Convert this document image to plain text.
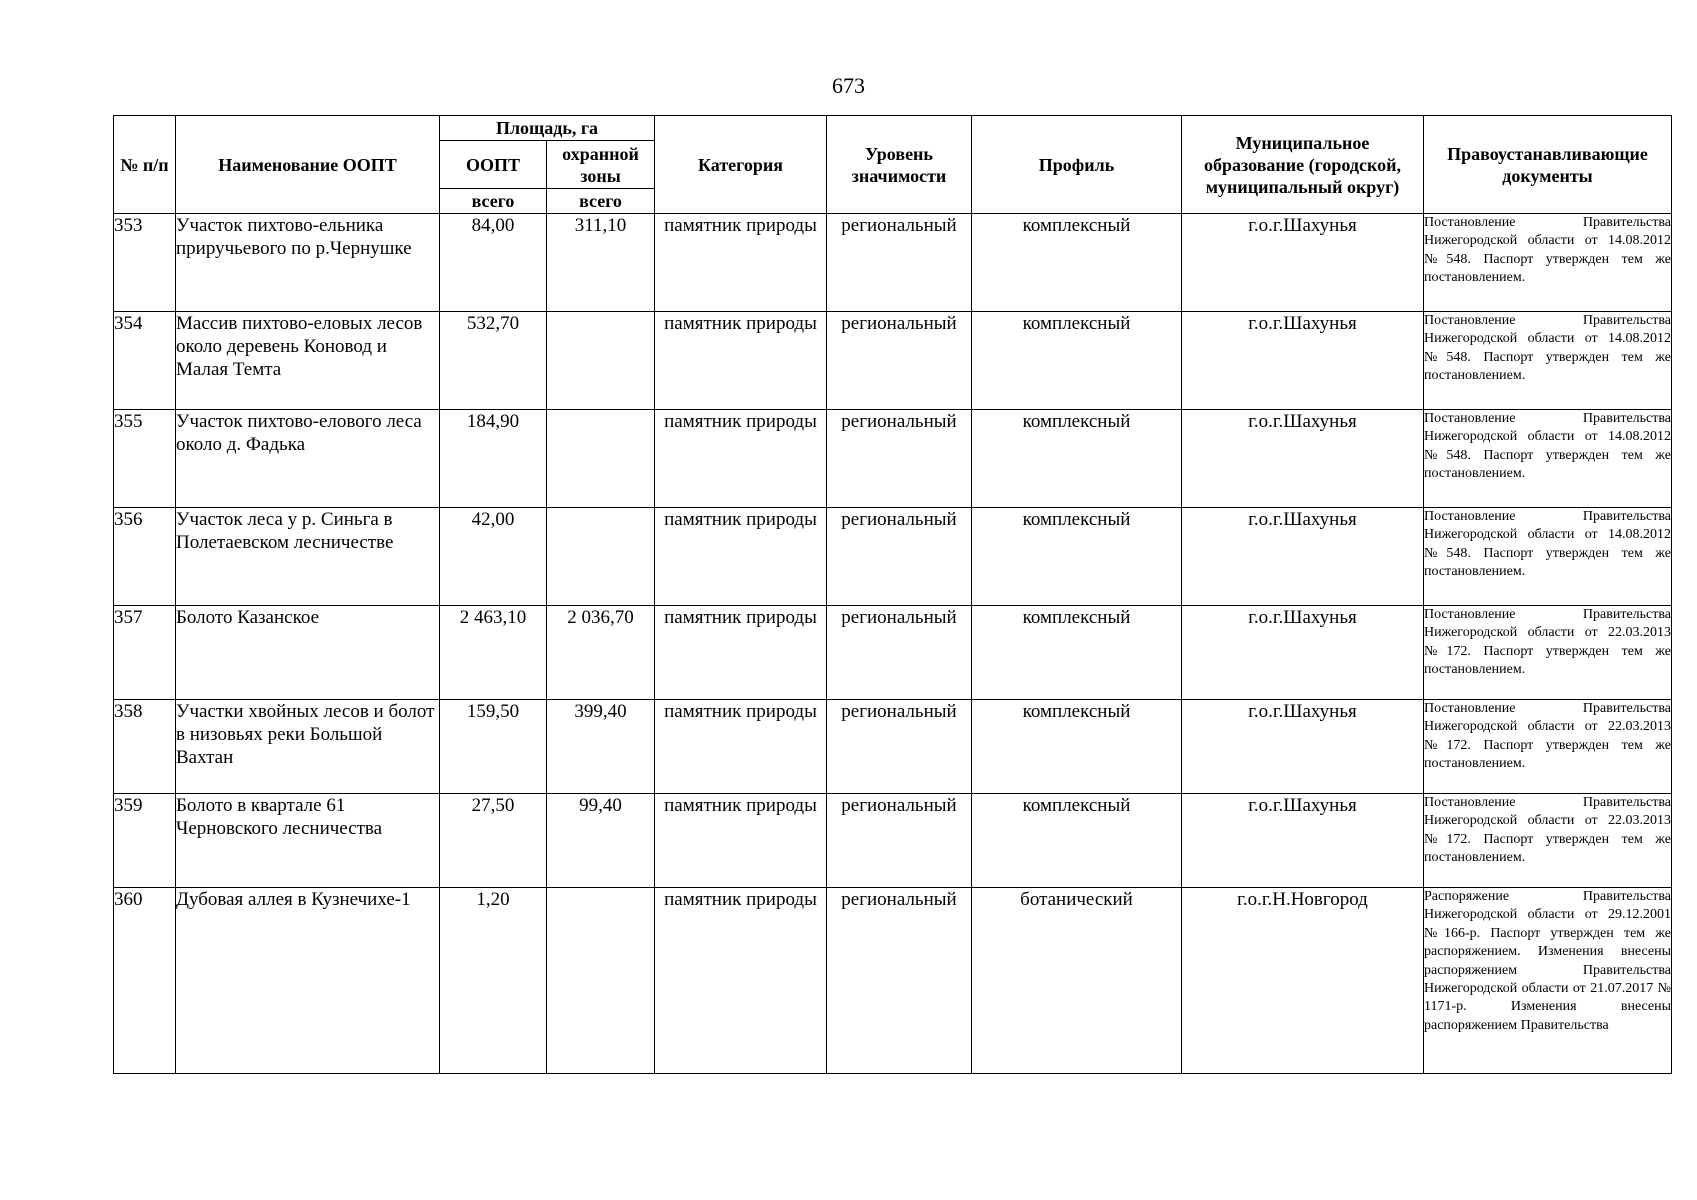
673
№ п/п	Наименование ООПТ	Площадь, га		Категория	Уровень значимости	Профиль	Муниципальное образование (городской, муниципальный округ)	Правоустанавливающие документы
		ООПТ	охранной зоны					
		всего	всего					
353	Участок пихтово-ельника приручьевого по р.Чернушке	84,00	311,10	памятник природы	региональный	комплексный	г.о.г.Шахунья	Постановление Правительства Нижегородской области от 14.08.2012 №548. Паспорт утвержден тем же постановлением.

354	Массив пихтово-еловых лесов около деревень Коновод и Малая Темта	532,70		памятник природы	региональный	комплексный	г.о.г.Шахунья	Постановление Правительства Нижегородской области от 14.08.2012 №548. Паспорт утвержден тем же постановлением.

355	Участок пихтово-елового леса около д. Фадька	184,90		памятник природы	региональный	комплексный	г.о.г.Шахунья	Постановление Правительства Нижегородской области от 14.08.2012 №548. Паспорт утвержден тем же постановлением.

356	Участок леса у р. Синьга в Полетаевском лесничестве	42,00		памятник природы	региональный	комплексный	г.о.г.Шахунья	Постановление Правительства Нижегородской области от 14.08.2012 №548. Паспорт утвержден тем же постановлением.

357	Болото Казанское	2 463,10	2 036,70	памятник природы	региональный	комплексный	г.о.г.Шахунья	Постановление Правительства Нижегородской области от 22.03.2013 №172. Паспорт утвержден тем же постановлением.

358	Участки хвойных лесов и болот в низовьях реки Большой Вахтан	159,50	399,40	памятник природы	региональный	комплексный	г.о.г.Шахунья	Постановление Правительства Нижегородской области от 22.03.2013 №172. Паспорт утвержден тем же постановлением.

359	Болото в квартале 61 Черновского лесничества	27,50	99,40	памятник природы	региональный	комплексный	г.о.г.Шахунья	Постановление Правительства Нижегородской области от 22.03.2013 №172. Паспорт утвержден тем же постановлением.

360	Дубовая аллея в Кузнечихе-1	1,20		памятник природы	региональный	ботанический	г.о.г.Н.Новгород	Распоряжение Правительства Нижегородской области от 29.12.2001 №166-р. Паспорт утвержден тем же распоряжением. Изменения внесены распоряжением Правительства Нижегородской области от 21.07.2017 № 1171-р. Изменения внесены распоряжением Правительства
